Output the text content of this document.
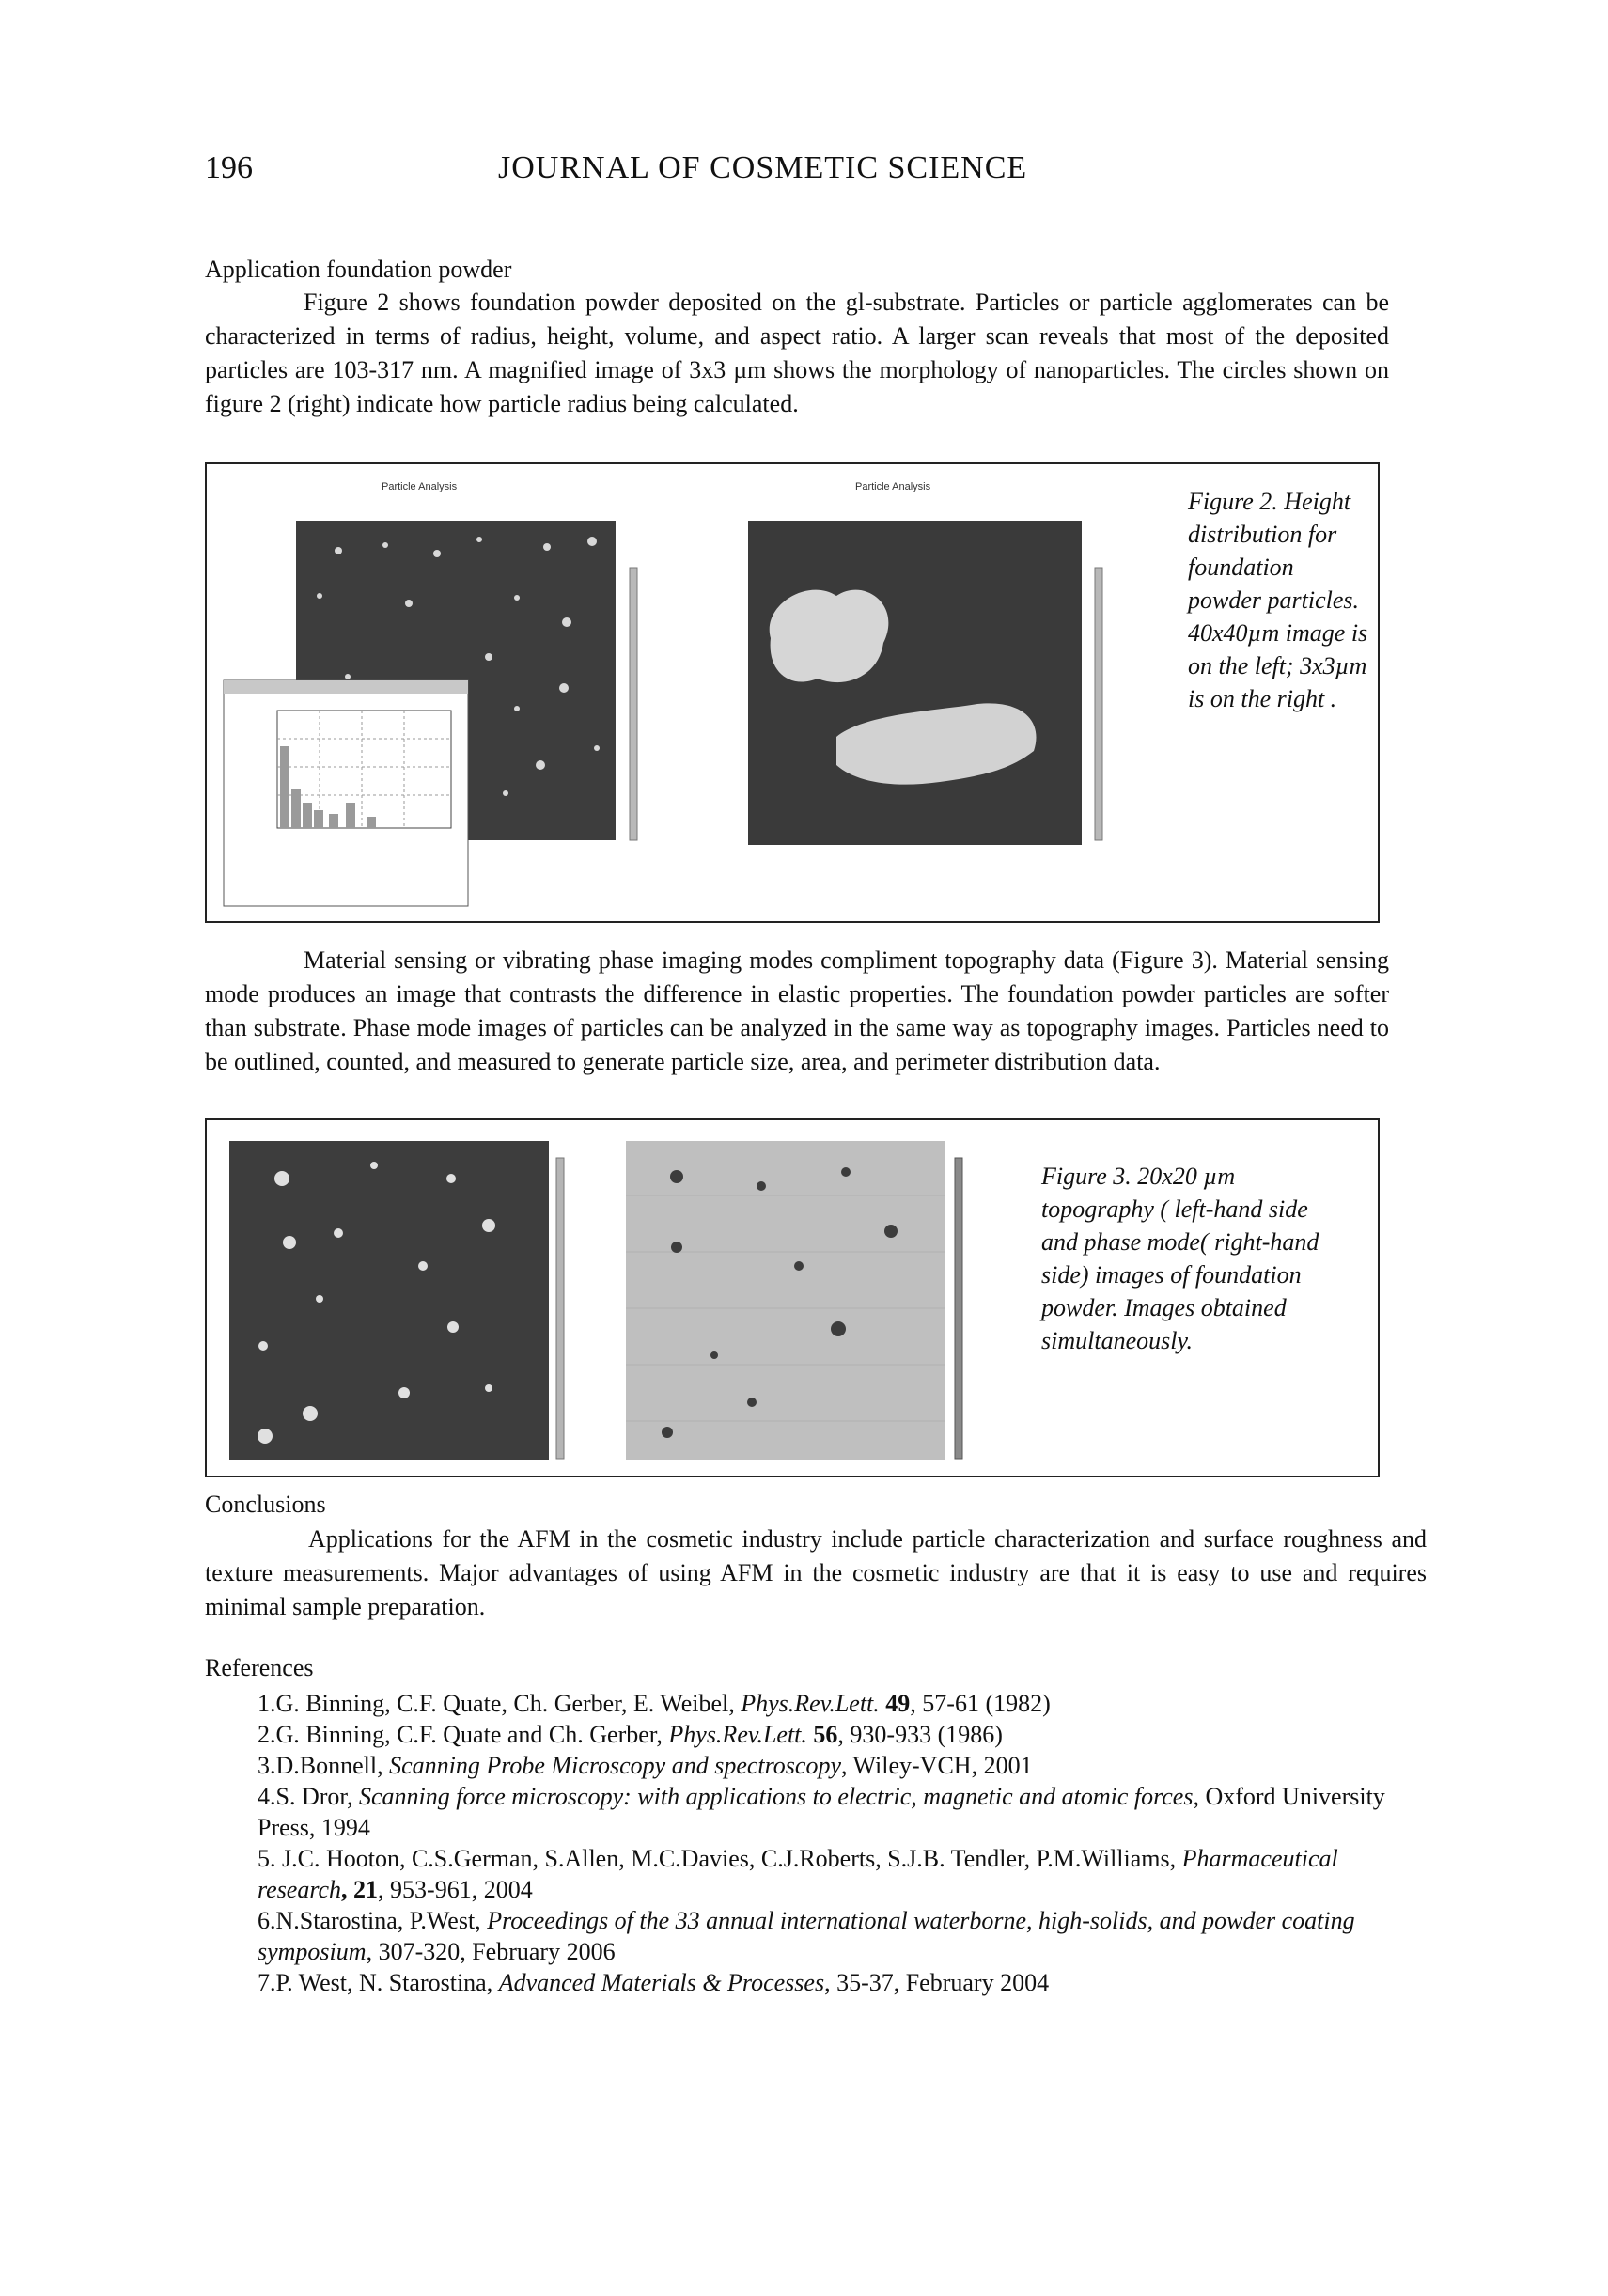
196	JOURNAL OF COSMETIC SCIENCE
Application foundation powder
Figure 2 shows foundation powder deposited on the gl-substrate. Particles or particle agglomerates can be characterized in terms of radius, height, volume, and aspect ratio. A larger scan reveals that most of the deposited particles are 103-317 nm. A magnified image of 3x3 µm shows the morphology of nanoparticles. The circles shown on figure 2 (right) indicate how particle radius being calculated.
Particle Analysis	Particle Analysis
Figure 2. Height distribution for foundation powder particles. 40x40µm image is on the left; 3x3µm is on the right .
Material sensing or vibrating phase imaging modes compliment topography data (Figure 3). Material sensing mode produces an image that contrasts the difference in elastic properties. The foundation powder particles are softer than substrate. Phase mode images of particles can be analyzed in the same way as topography images. Particles need to be outlined, counted, and measured to generate particle size, area, and perimeter distribution data.
Figure 3. 20x20 µm topography ( left-hand side and phase mode( right-hand side) images of foundation powder. Images obtained simultaneously.
Conclusions
Applications for the AFM in the cosmetic industry include particle characterization and surface roughness and texture measurements. Major advantages of using AFM in the cosmetic industry are that it is easy to use and requires minimal sample preparation.
References
1.G. Binning, C.F. Quate, Ch. Gerber, E. Weibel, Phys.Rev.Lett. 49, 57-61 (1982)
2.G. Binning, C.F. Quate and Ch. Gerber, Phys.Rev.Lett. 56, 930-933 (1986)
3.D.Bonnell, Scanning Probe Microscopy and spectroscopy, Wiley-VCH, 2001
4.S. Dror, Scanning force microscopy: with applications to electric, magnetic and atomic forces, Oxford University Press, 1994
5. J.C. Hooton, C.S.German, S.Allen, M.C.Davies, C.J.Roberts, S.J.B. Tendler, P.M.Williams, Pharmaceutical research, 21, 953-961, 2004
6.N.Starostina, P.West, Proceedings of the 33 annual international waterborne, high-solids, and powder coating symposium, 307-320, February 2006
7.P. West, N. Starostina, Advanced Materials & Processes, 35-37, February 2004
